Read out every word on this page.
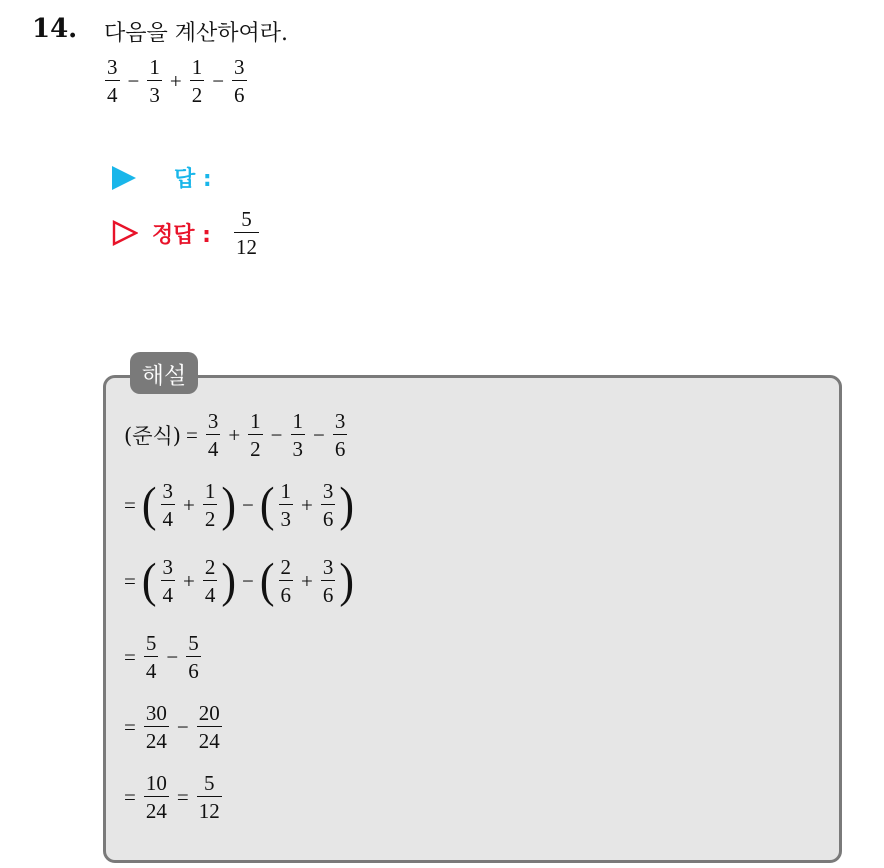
14. 다음을 계산하여라.
$\frac{3}{4} - \frac{1}{3} + \frac{1}{2} - \frac{3}{6}$
답 :
정답 : $\frac{5}{12}$
해설
(준식) = $\frac{3}{4} + \frac{1}{2} - \frac{1}{3} - \frac{3}{6}$
= ( $\frac{3}{4} + \frac{1}{2}$ ) − ( $\frac{1}{3} + \frac{3}{6}$ )
= ( $\frac{3}{4} + \frac{2}{4}$ ) − ( $\frac{2}{6} + \frac{3}{6}$ )
= $\frac{5}{4} - \frac{5}{6}$
= $\frac{30}{24} - \frac{20}{24}$
= $\frac{10}{24} = \frac{5}{12}$
